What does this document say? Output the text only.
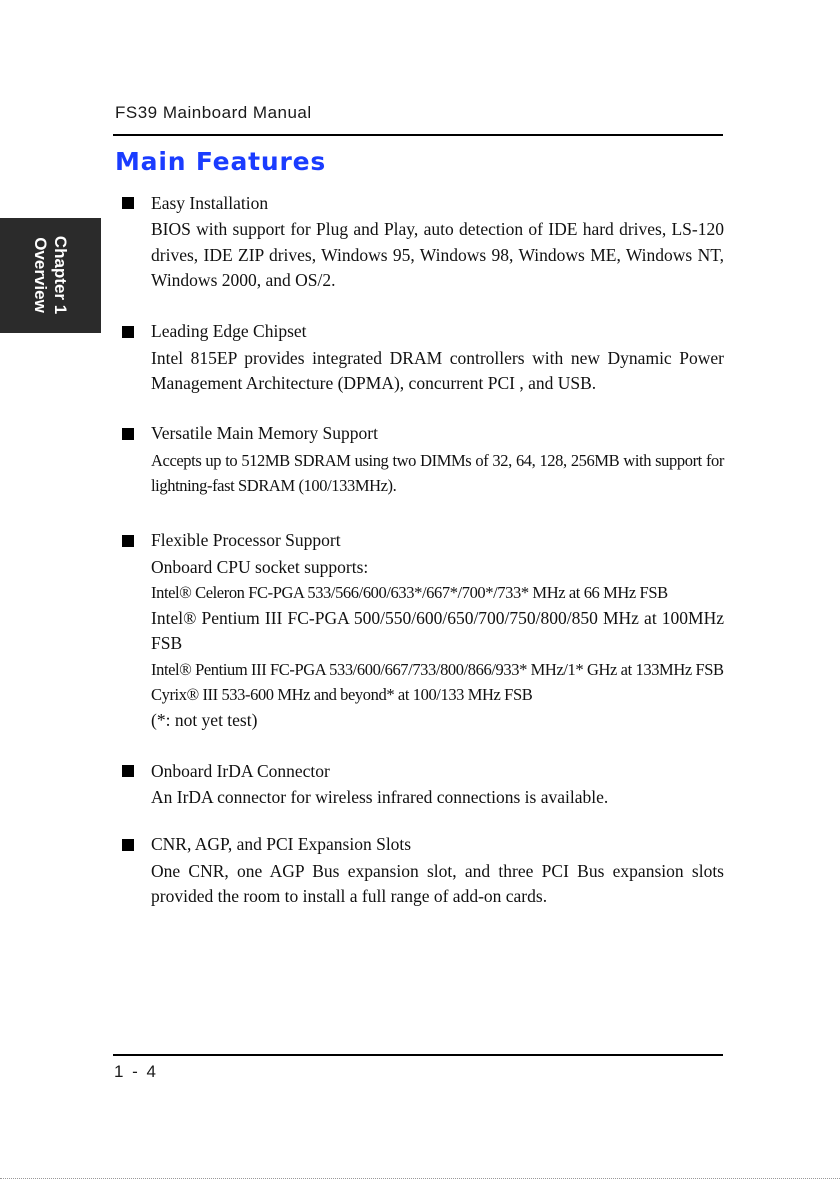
FS39 Mainboard Manual
Chapter 1
Overview
Main Features
Easy Installation

BIOS with support for Plug and Play, auto detection of IDE hard drives, LS-120 drives, IDE ZIP drives, Windows 95, Windows 98, Windows ME, Windows NT, Windows 2000, and OS/2.

Leading Edge Chipset

Intel 815EP provides integrated DRAM controllers with new Dynamic Power Management Architecture (DPMA), concurrent PCI , and USB.

Versatile Main Memory Support

Accepts up to 512MB SDRAM using two DIMMs of 32, 64, 128, 256MB with support for lightning-fast SDRAM (100/133MHz).

Flexible Processor Support

Onboard CPU socket supports:

Intel® Celeron FC-PGA 533/566/600/633*/667*/700*/733* MHz at 66 MHz FSB

Intel® Pentium III FC-PGA 500/550/600/650/700/750/800/850 MHz at 100MHz FSB

Intel® Pentium III FC-PGA 533/600/667/733/800/866/933* MHz/1* GHz at 133MHz FSB

Cyrix® III 533-600 MHz and beyond* at 100/133 MHz FSB

(*: not yet test)

Onboard IrDA Connector

An IrDA connector for wireless infrared connections is available.

CNR, AGP, and PCI Expansion Slots

One CNR, one AGP Bus expansion slot, and three PCI Bus expansion slots provided the room to install a full range of add-on cards.

1 - 4
